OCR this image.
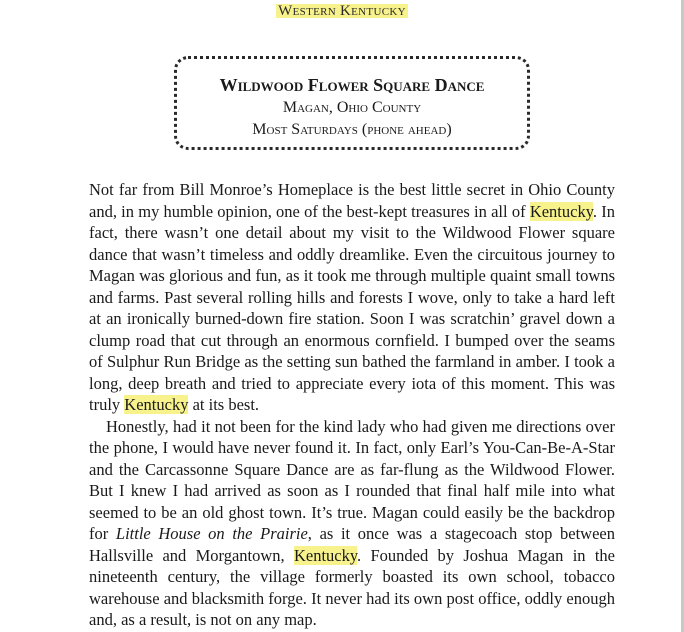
Western Kentucky
Wildwood Flower Square Dance
Magan, Ohio County
Most Saturdays (phone ahead)

Not far from Bill Monroe’s Homeplace is the best little secret in Ohio County and, in my humble opinion, one of the best-kept treasures in all of Kentucky. In fact, there wasn’t one detail about my visit to the Wildwood Flower square dance that wasn’t timeless and oddly dreamlike. Even the circuitous journey to Magan was glorious and fun, as it took me through multiple quaint small towns and farms. Past several rolling hills and forests I wove, only to take a hard left at an ironically burned-down fire station. Soon I was scratchin’ gravel down a clump road that cut through an enormous cornfield. I bumped over the seams of Sulphur Run Bridge as the setting sun bathed the farmland in amber. I took a long, deep breath and tried to appreciate every iota of this moment. This was truly Kentucky at its best.

Honestly, had it not been for the kind lady who had given me directions over the phone, I would have never found it. In fact, only Earl’s You-Can-Be-A-Star and the Carcassonne Square Dance are as far-flung as the Wildwood Flower. But I knew I had arrived as soon as I rounded that final half mile into what seemed to be an old ghost town. It’s true. Magan could easily be the backdrop for Little House on the Prairie, as it once was a stagecoach stop between Hallsville and Morgantown, Kentucky. Founded by Joshua Magan in the nineteenth century, the village formerly boasted its own school, tobacco warehouse and blacksmith forge. It never had its own post office, oddly enough and, as a result, is not on any map.
